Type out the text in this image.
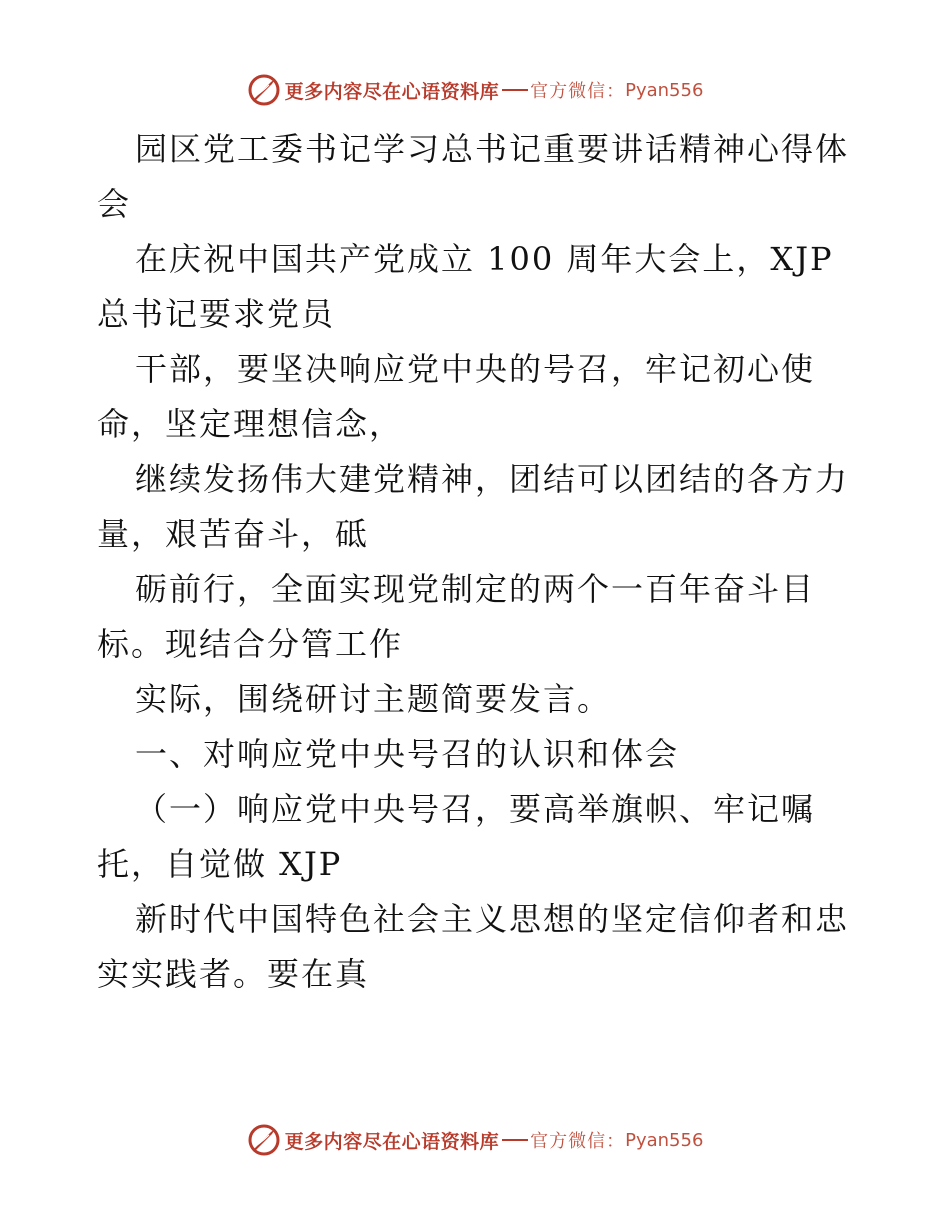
更多内容尽在心语资料库 官方微信： Pyan556

园区党工委书记学习总书记重要讲话精神心得体会

在庆祝中国共产党成立 100 周年大会上，XJP 总书记要求党员

干部，要坚决响应党中央的号召，牢记初心使命，坚定理想信念，

继续发扬伟大建党精神，团结可以团结的各方力量，艰苦奋斗，砥

砺前行，全面实现党制定的两个一百年奋斗目标。现结合分管工作

实际，围绕研讨主题简要发言。

一、对响应党中央号召的认识和体会

（一）响应党中央号召，要高举旗帜、牢记嘱托，自觉做 XJP

新时代中国特色社会主义思想的坚定信仰者和忠实实践者。要在真

更多内容尽在心语资料库 官方微信： Pyan556
